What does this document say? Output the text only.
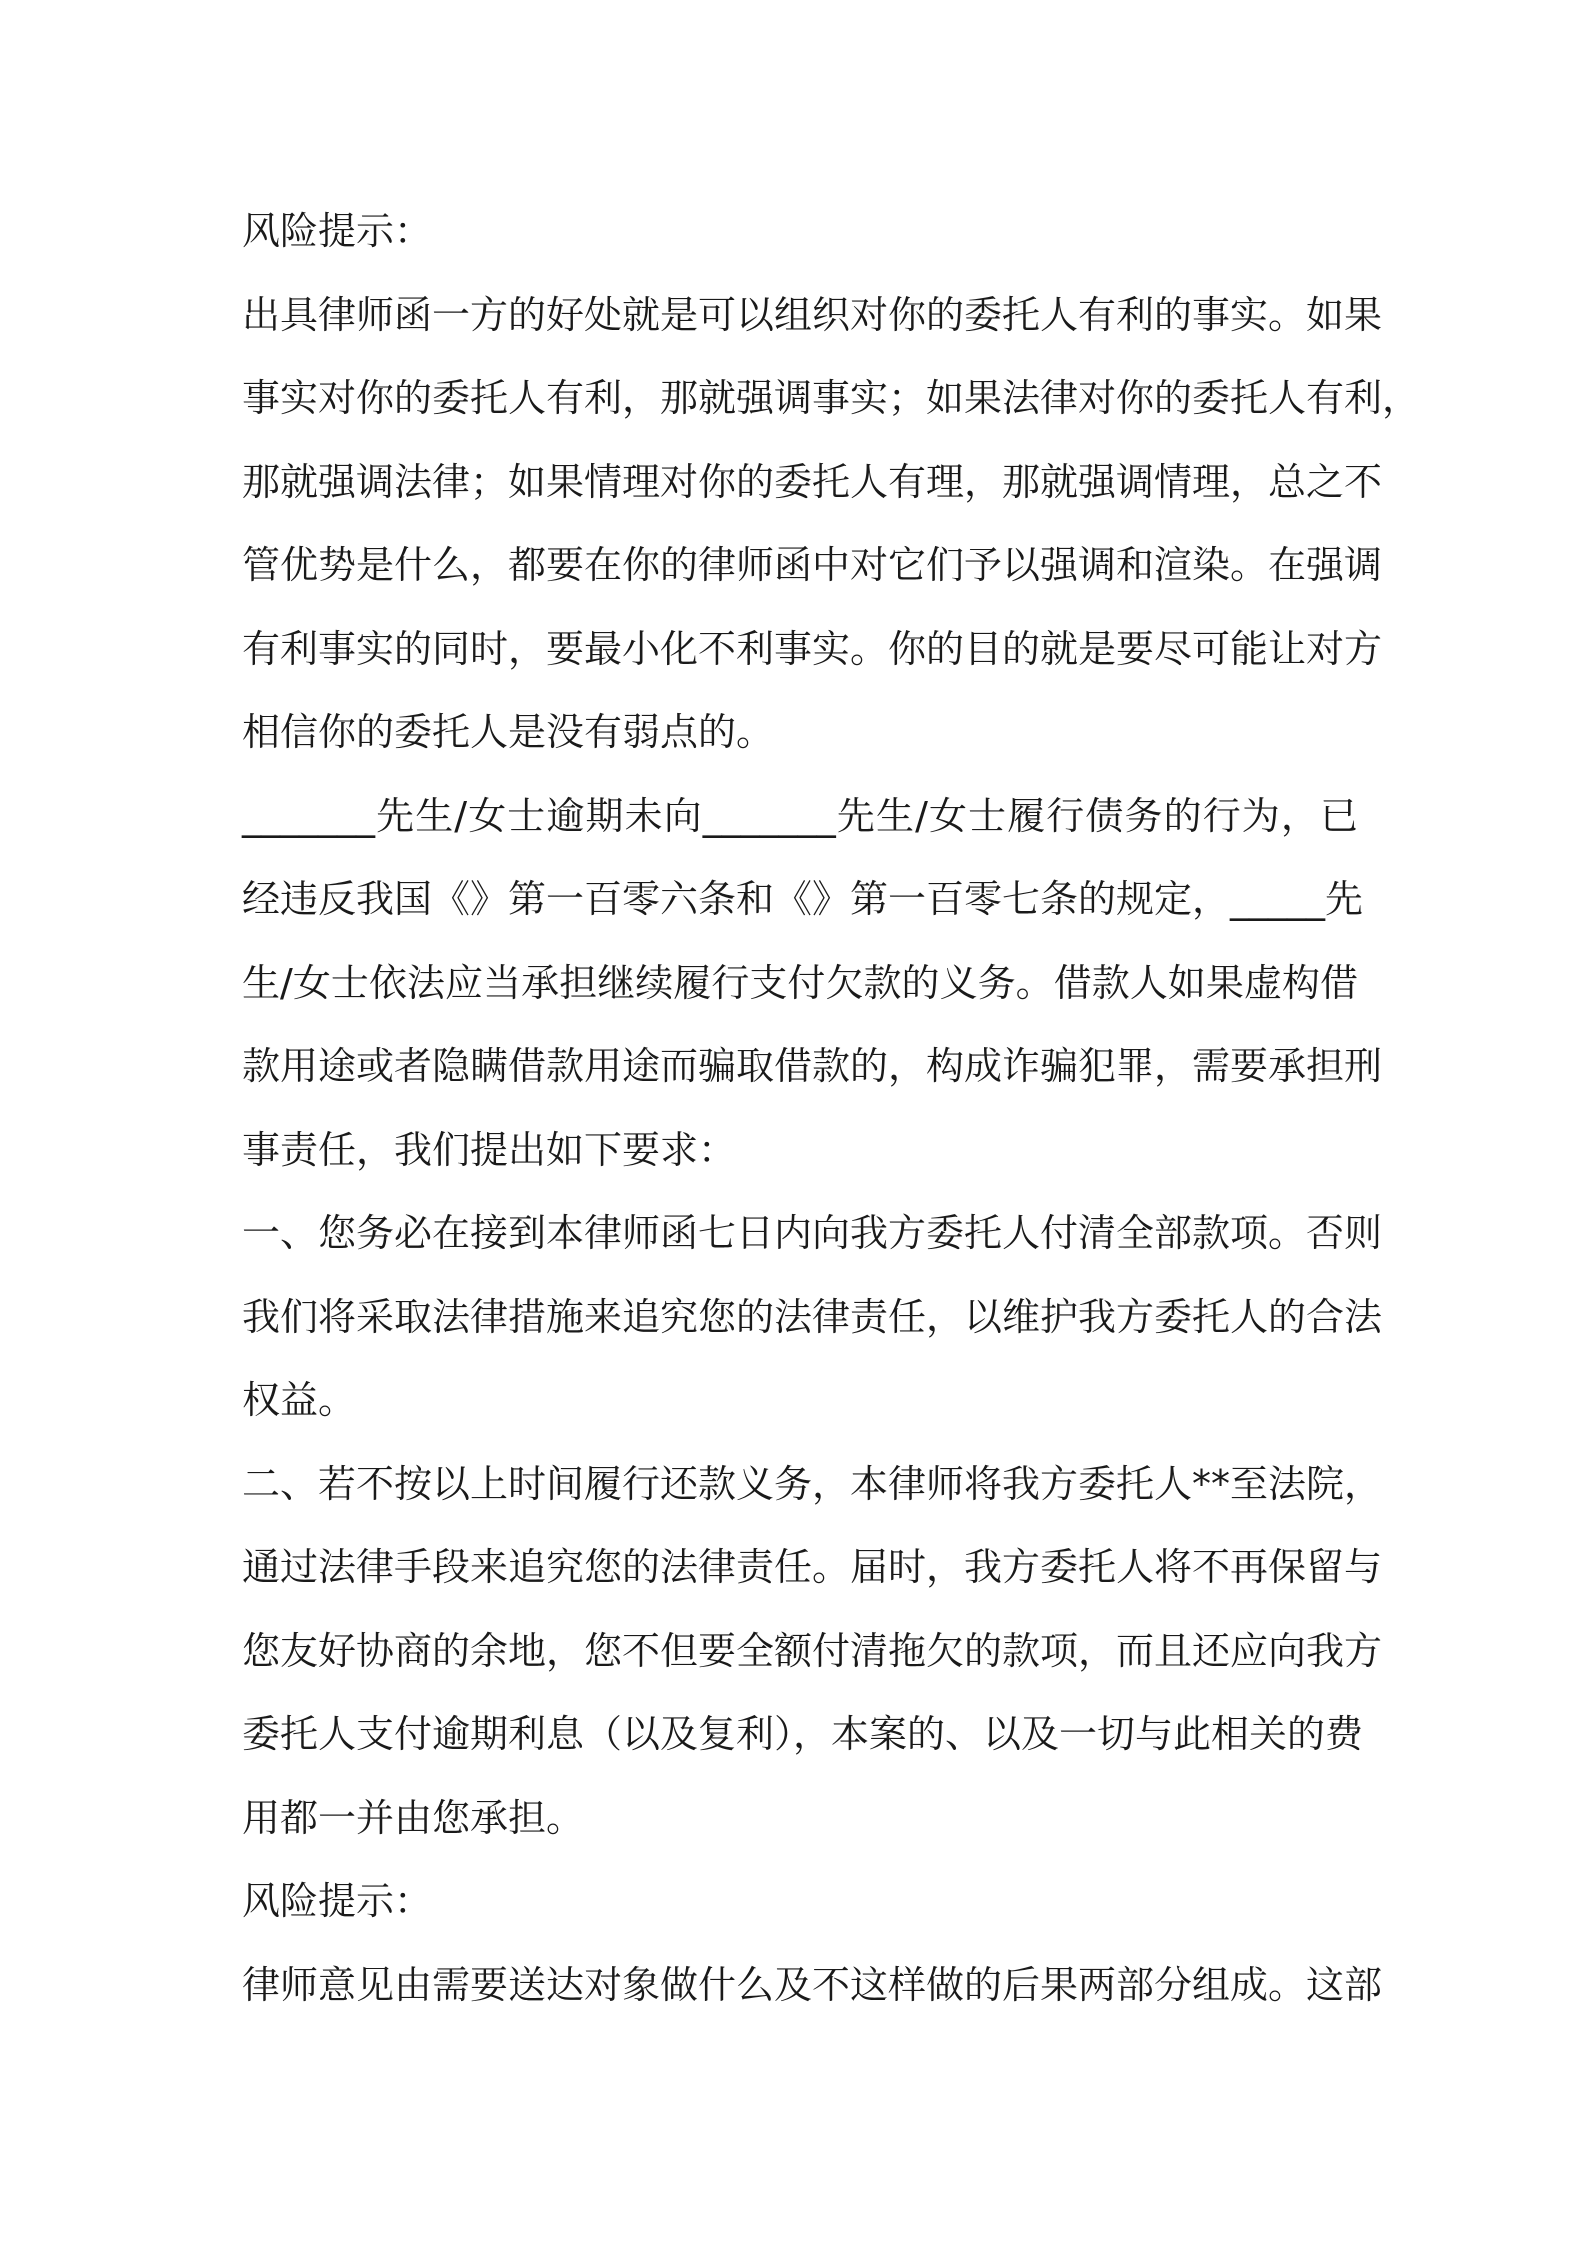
风险提示：
出具律师函一方的好处就是可以组织对你的委托人有利的事实。如果
事实对你的委托人有利，那就强调事实；如果法律对你的委托人有利，
那就强调法律；如果情理对你的委托人有理，那就强调情理，总之不
管优势是什么，都要在你的律师函中对它们予以强调和渲染。在强调
有利事实的同时，要最小化不利事实。你的目的就是要尽可能让对方
相信你的委托人是没有弱点的。
_______先生/女士逾期未向_______先生/女士履行债务的行为，已
经违反我国《》第一百零六条和《》第一百零七条的规定，_____先
生/女士依法应当承担继续履行支付欠款的义务。借款人如果虚构借
款用途或者隐瞒借款用途而骗取借款的，构成诈骗犯罪，需要承担刑
事责任，我们提出如下要求：
一、您务必在接到本律师函七日内向我方委托人付清全部款项。否则
我们将采取法律措施来追究您的法律责任，以维护我方委托人的合法
权益。
二、若不按以上时间履行还款义务，本律师将我方委托人**至法院，
通过法律手段来追究您的法律责任。届时，我方委托人将不再保留与
您友好协商的余地，您不但要全额付清拖欠的款项，而且还应向我方
委托人支付逾期利息（以及复利），本案的、以及一切与此相关的费
用都一并由您承担。
风险提示：
律师意见由需要送达对象做什么及不这样做的后果两部分组成。这部
